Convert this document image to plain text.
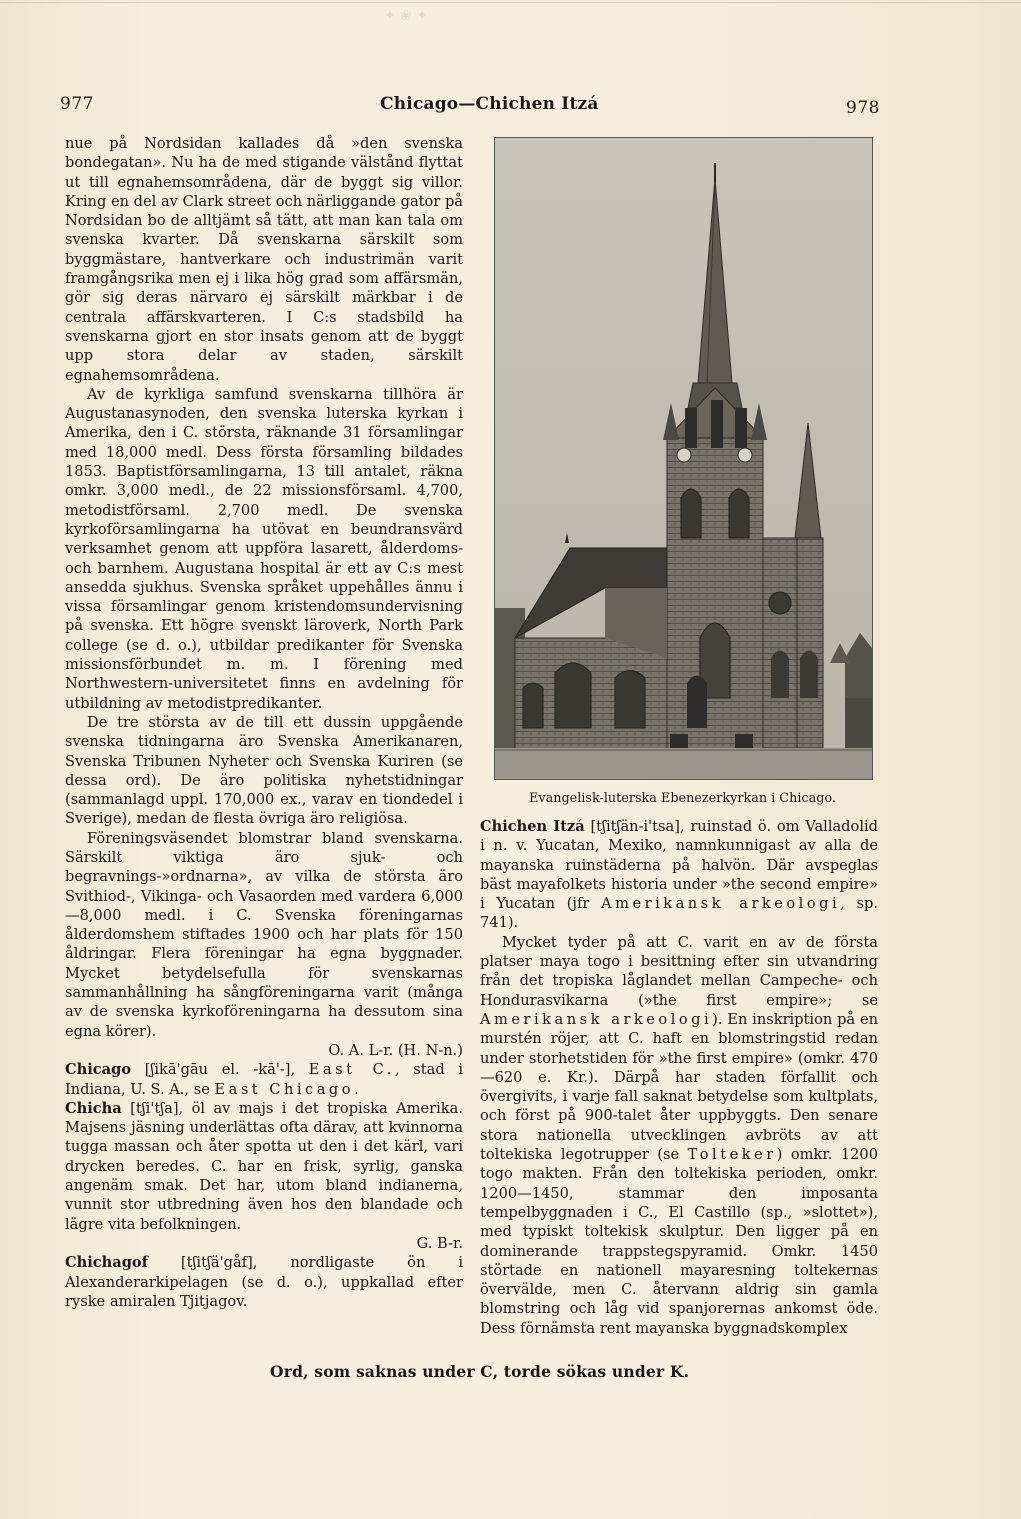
✦ ❀ ✦
977	Chicago—Chichen Itzá	978

nue på Nordsidan kallades då »den svenska bondegatan». Nu ha de med stigande välstånd flyttat ut till egnahemsområdena, där de byggt sig villor. Kring en del av Clark street och närliggande gator på Nordsidan bo de alltjämt så tätt, att man kan tala om svenska kvarter. Då svenskarna särskilt som byggmästare, hantverkare och industrimän varit framgångsrika men ej i lika hög grad som affärsmän, gör sig deras närvaro ej särskilt märkbar i de centrala affärskvarteren. I C:s stadsbild ha svenskarna gjort en stor insats genom att de byggt upp stora delar av staden, särskilt egnahemsområdena.

Av de kyrkliga samfund svenskarna tillhöra är Augustanasynoden, den svenska luterska kyrkan i Amerika, den i C. största, räknande 31 församlingar med 18,000 medl. Dess första församling bildades 1853. Baptistförsamlingarna, 13 till antalet, räkna omkr. 3,000 medl., de 22 missionsförsaml. 4,700, metodistförsaml. 2,700 medl. De svenska kyrkoförsamlingarna ha utövat en beundransvärd verksamhet genom att uppföra lasarett, ålderdoms- och barnhem. Augustana hospital är ett av C:s mest ansedda sjukhus. Svenska språket uppehålles ännu i vissa församlingar genom kristendomsundervisning på svenska. Ett högre svenskt läroverk, North Park college (se d. o.), utbildar predikanter för Svenska missionsförbundet m. m. I förening med Northwestern-universitetet finns en avdelning för utbildning av metodistpredikanter.

De tre största av de till ett dussin uppgående svenska tidningarna äro Svenska Amerikanaren, Svenska Tribunen Nyheter och Svenska Kuriren (se dessa ord). De äro politiska nyhetstidningar (sammanlagd uppl. 170,000 ex., varav en tiondedel i Sverige), medan de flesta övriga äro religiösa.

Föreningsväsendet blomstrar bland svenskarna. Särskilt viktiga äro sjuk- och begravnings-»ordnarna», av vilka de största äro Svithiod-, Vikinga- och Vasaorden med vardera 6,000—8,000 medl. i C. Svenska föreningarnas ålderdomshem stiftades 1900 och har plats för 150 åldringar. Flera föreningar ha egna byggnader. Mycket betydelsefulla för svenskarnas sammanhållning ha sångföreningarna varit (många av de svenska kyrkoföreningarna ha dessutom sina egna körer).

O. A. L-r. (H. N-n.)

Chicago [ʃikā'gāu el. -kā'-], East C., stad i Indiana, U. S. A., se East Chicago.

Chicha [tʃi'tʃa], öl av majs i det tropiska Amerika. Majsens jäsning underlättas ofta därav, att kvinnorna tugga massan och åter spotta ut den i det kärl, vari drycken beredes. C. har en frisk, syrlig, ganska angenäm smak. Det har, utom bland indianerna, vunnit stor utbredning även hos den blandade och lägre vita befolkningen.

G. B-r.

Chichagof [tʃitʃä'gåf], nordligaste ön i Alexanderarkipelagen (se d. o.), uppkallad efter ryske amiralen Tjitjagov.

Evangelisk-luterska Ebenezerkyrkan i Chicago.

Chichen Itzá [tʃitʃän-i'tsa], ruinstad ö. om Valladolid i n. v. Yucatan, Mexiko, namnkunnigast av alla de mayanska ruinstäderna på halvön. Där avspeglas bäst mayafolkets historia under »the second empire» i Yucatan (jfr Amerikansk arkeologi, sp. 741).

Mycket tyder på att C. varit en av de första platser maya togo i besittning efter sin utvandring från det tropiska låglandet mellan Campeche- och Hondurasvikarna (»the first empire»; se Amerikansk arkeologi). En inskription på en murstén röjer, att C. haft en blomstringstid redan under storhetstiden för »the first empire» (omkr. 470—620 e. Kr.). Därpå har staden förfallit och övergivits, i varje fall saknat betydelse som kultplats, och först på 900-talet åter uppbyggts. Den senare stora nationella utvecklingen avbröts av att toltekiska legotrupper (se Tolteker) omkr. 1200 togo makten. Från den toltekiska perioden, omkr. 1200—1450, stammar den imposanta tempelbyggnaden i C., El Castillo (sp., »slottet»), med typiskt toltekisk skulptur. Den ligger på en dominerande trappstegspyramid. Omkr. 1450 störtade en nationell mayaresning toltekernas övervälde, men C. återvann aldrig sin gamla blomstring och låg vid spanjorernas ankomst öde. Dess förnämsta rent mayanska byggnadskomplex

Ord, som saknas under C, torde sökas under K.
